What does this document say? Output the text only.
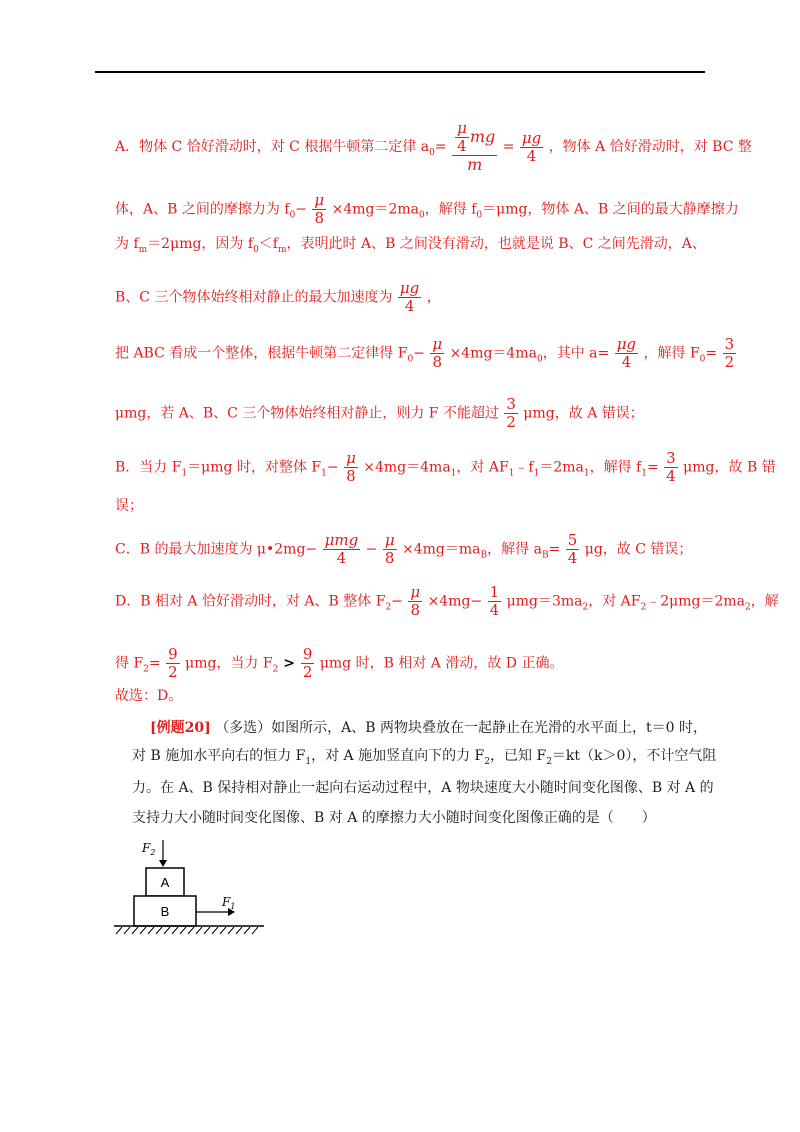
A．物体 C 恰好滑动时，对 C 根据牛顿第二定律 $a_0= \frac{\frac{\mu}{4} mg}{m} = \frac{\mu g}{4}$ ，物体 A 恰好滑动时，对 BC 整
体，A、B 之间的摩擦力为 $f_0- \frac{\mu}{8} \times 4mg=2ma_0$，解得 $f_0=\mu mg$，物体 A、B 之间的最大静摩擦力
为 $f_m=2\mu mg$，因为 $f_0<f_m$，表明此时 A、B 之间没有滑动，也就是说 B、C 之间先滑动，A、
B、C 三个物体始终相对静止的最大加速度为 $\frac{\mu g}{4}$ ，
把 ABC 看成一个整体，根据牛顿第二定律得 $F_0- \frac{\mu}{8} \times 4mg=4ma_0$，其中 $a= \frac{\mu g}{4}$ ，解得 $F_0= \frac{3}{2}$
μmg，若 A、B、C 三个物体始终相对静止，则力 F 不能超过 $\frac{3}{2}$ μmg，故 A 错误；
B．当力 $F_1=\mu mg$ 时，对整体 $F_1- \frac{\mu}{8} \times 4mg=4ma_1$，对 $AF_1﹣f_1=2ma_1$，解得 $f_1= \frac{3}{4}$ μmg，故 B 错
误；
C．B 的最大加速度为 μ•2mg− $\frac{\text{μmg}}{4} - \frac{\mu}{8} \times 4mg=ma_B$，解得 $a_B= \frac{5}{4}$ μg，故 C 错误；
D．B 相对 A 恰好滑动时，对 A、B 整体 $F_2- \frac{\mu}{8} \times 4mg- \frac{1}{4} \mu mg=3ma_2$，对 $AF_2﹣2\mu mg=2ma_2$，解
得 $F_2= \frac{9}{2}$ μmg，当力 $F_2 > \frac{9}{2}$ μmg 时，B 相对 A 滑动，故 D 正确。
故选：D。
[例题20] （多选）如图所示，A、B 两物块叠放在一起静止在光滑的水平面上，t＝0 时，
对 B 施加水平向右的恒力 $F_1$，对 A 施加竖直向下的力 $F_2$，已知 $F_2=kt(k>0)$，不计空气阻
力。在 A、B 保持相对静止一起向右运动过程中，A 物块速度大小随时间变化图像、B 对 A 的
支持力大小随时间变化图像、B 对 A 的摩擦力大小随时间变化图像正确的是（　　）
$F_2$
A
B
$F_1$
